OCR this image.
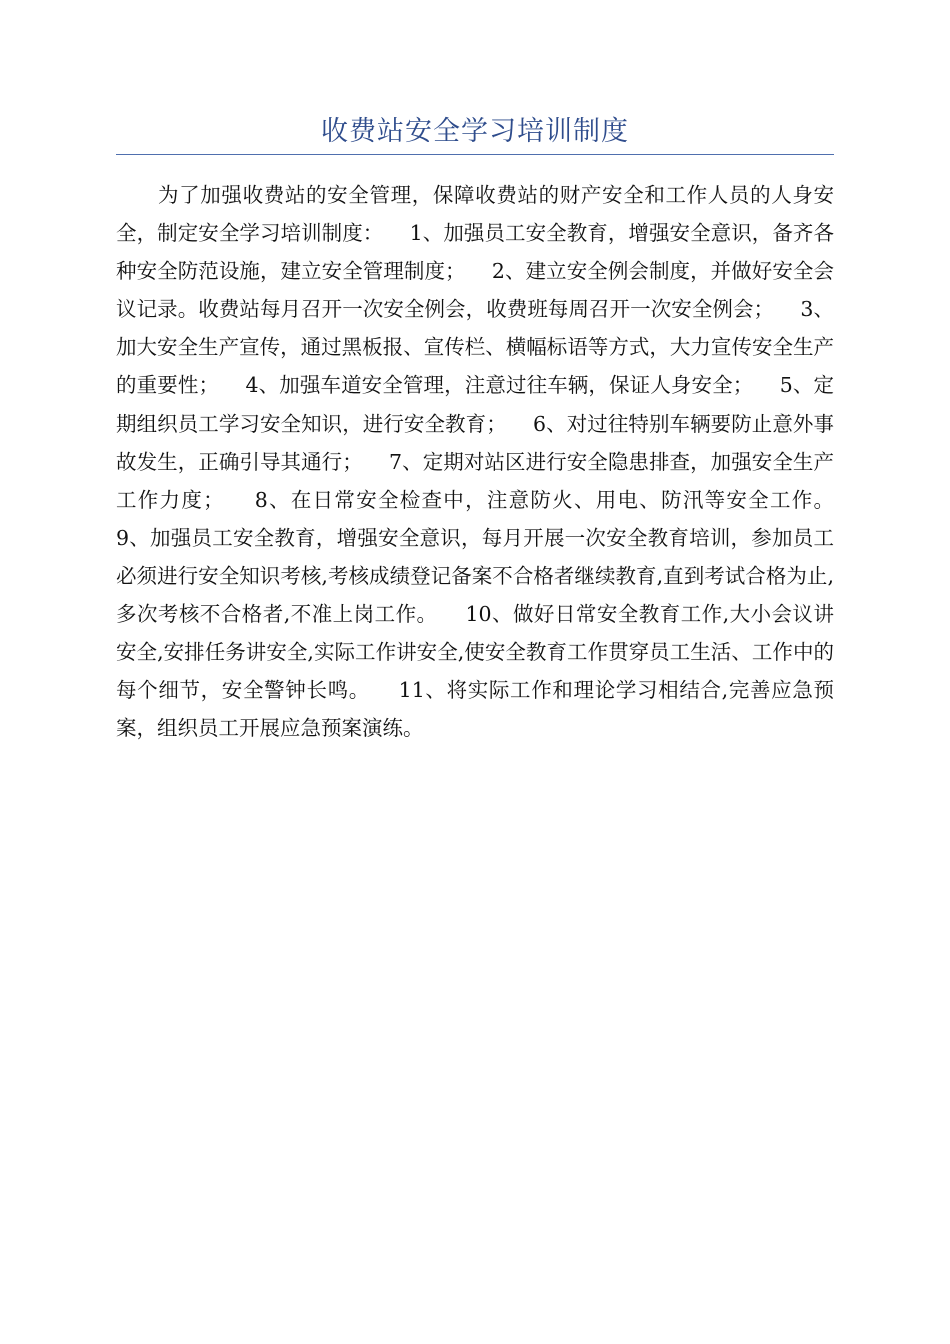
收费站安全学习培训制度

为了加强收费站的安全管理，保障收费站的财产安全和工作人员的人身安全，制定安全学习培训制度：    1、加强员工安全教育，增强安全意识，备齐各种安全防范设施，建立安全管理制度；    2、建立安全例会制度，并做好安全会议记录。收费站每月召开一次安全例会，收费班每周召开一次安全例会；    3、加大安全生产宣传，通过黑板报、宣传栏、横幅标语等方式，大力宣传安全生产的重要性；    4、加强车道安全管理，注意过往车辆，保证人身安全；    5、定期组织员工学习安全知识，进行安全教育；    6、对过往特别车辆要防止意外事故发生，正确引导其通行；    7、定期对站区进行安全隐患排查，加强安全生产工作力度；    8、在日常安全检查中，注意防火、用电、防汛等安全工作。    9、加强员工安全教育，增强安全意识，每月开展一次安全教育培训，参加员工必须进行安全知识考核,考核成绩登记备案不合格者继续教育,直到考试合格为止,多次考核不合格者,不准上岗工作。    10、做好日常安全教育工作,大小会议讲安全,安排任务讲安全,实际工作讲安全,使安全教育工作贯穿员工生活、工作中的每个细节，安全警钟长鸣。    11、将实际工作和理论学习相结合,完善应急预案，组织员工开展应急预案演练。
